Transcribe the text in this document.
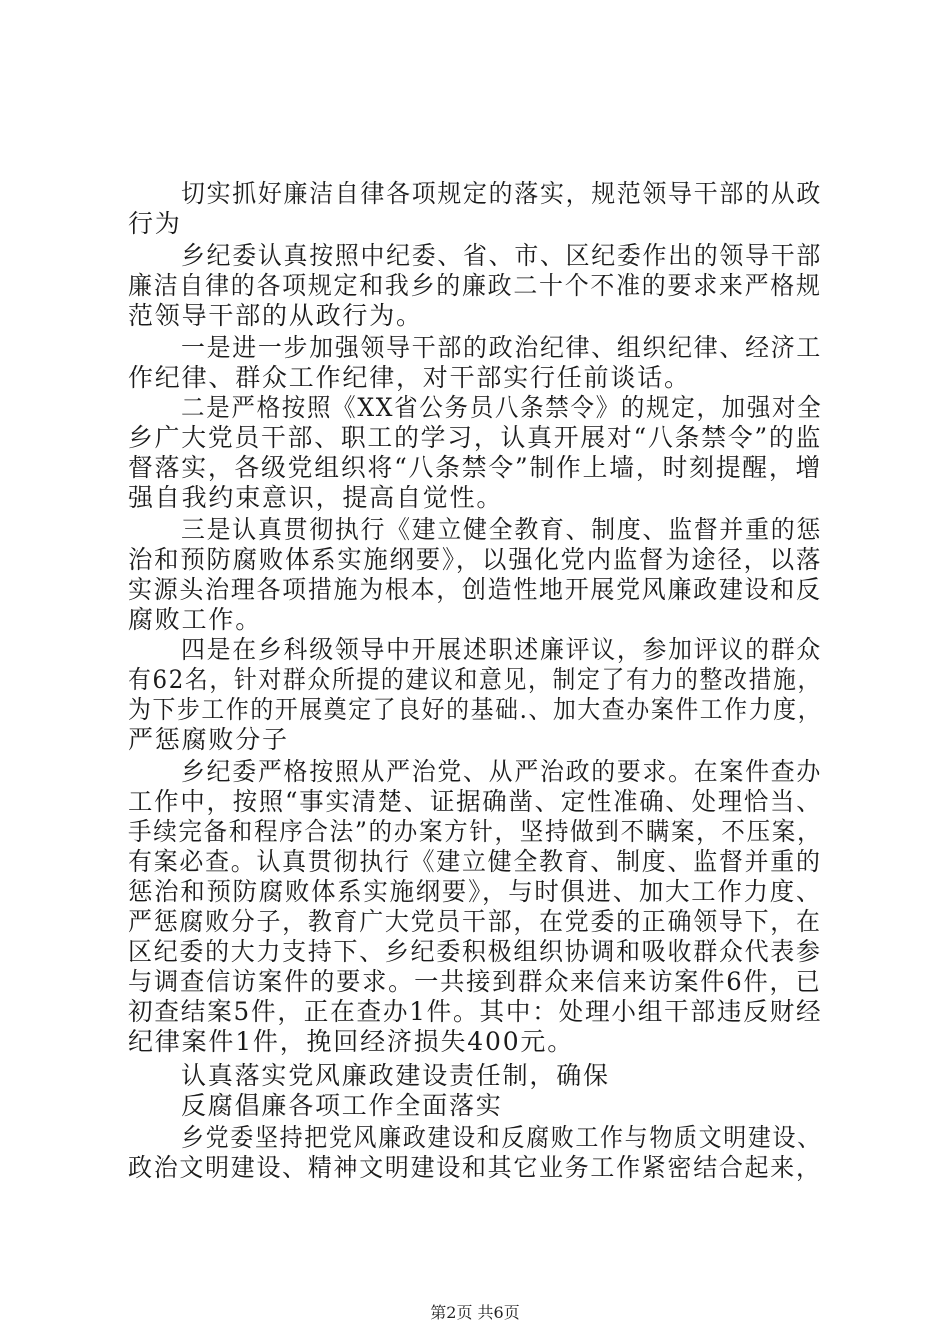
切实抓好廉洁自律各项规定的落实，规范领导干部的从政

行为

乡纪委认真按照中纪委、省、市、区纪委作出的领导干部

廉洁自律的各项规定和我乡的廉政二十个不准的要求来严格规

范领导干部的从政行为。

一是进一步加强领导干部的政治纪律、组织纪律、经济工

作纪律、群众工作纪律，对干部实行任前谈话。

二是严格按照《XX省公务员八条禁令》的规定，加强对全

乡广大党员干部、职工的学习，认真开展对“八条禁令”的监

督落实，各级党组织将“八条禁令”制作上墙，时刻提醒，增

强自我约束意识，提高自觉性。

三是认真贯彻执行《建立健全教育、制度、监督并重的惩

治和预防腐败体系实施纲要》，以强化党内监督为途径，以落

实源头治理各项措施为根本，创造性地开展党风廉政建设和反

腐败工作。

四是在乡科级领导中开展述职述廉评议，参加评议的群众

有62名，针对群众所提的建议和意见，制定了有力的整改措施，

为下步工作的开展奠定了良好的基础.、加大查办案件工作力度，

严惩腐败分子

乡纪委严格按照从严治党、从严治政的要求。在案件查办

工作中，按照“事实清楚、证据确凿、定性准确、处理恰当、

手续完备和程序合法”的办案方针，坚持做到不瞒案，不压案，

有案必查。认真贯彻执行《建立健全教育、制度、监督并重的

惩治和预防腐败体系实施纲要》，与时俱进、加大工作力度、

严惩腐败分子，教育广大党员干部，在党委的正确领导下，在

区纪委的大力支持下、乡纪委积极组织协调和吸收群众代表参

与调查信访案件的要求。一共接到群众来信来访案件6件，已

初查结案5件，正在查办1件。其中：处理小组干部违反财经

纪律案件1件，挽回经济损失400元。

认真落实党风廉政建设责任制，确保

反腐倡廉各项工作全面落实

乡党委坚持把党风廉政建设和反腐败工作与物质文明建设、

政治文明建设、精神文明建设和其它业务工作紧密结合起来，

第2页 共6页
